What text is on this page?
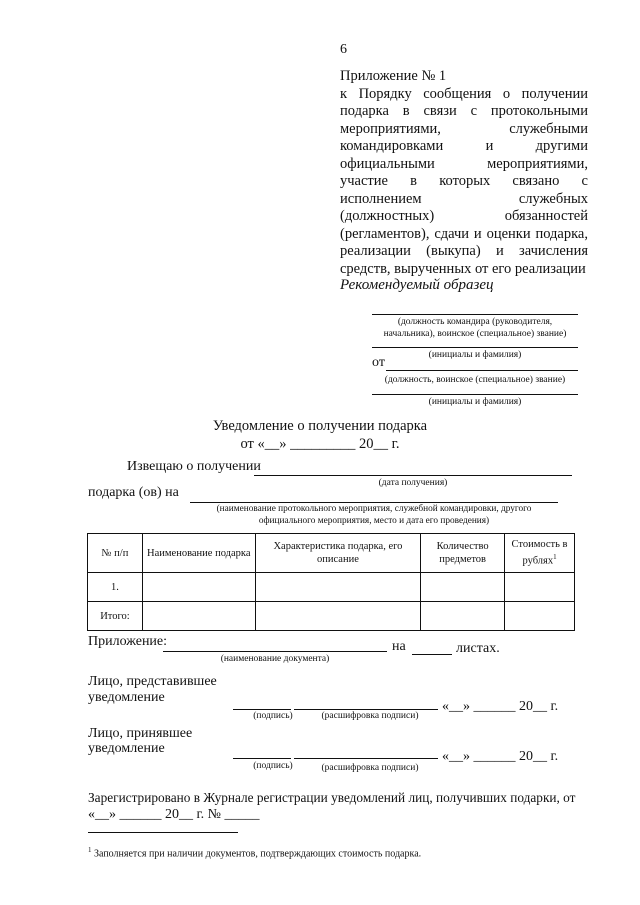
6
Приложение № 1
к Порядку сообщения о получении подарка в связи с протокольными мероприятиями, служебными командировками и другими официальными мероприятиями, участие в которых связано с исполнением служебных (должностных) обязанностей (регламентов), сдачи и оценки подарка, реализации (выкупа) и зачисления средств, вырученных от его реализации
Рекомендуемый образец
(должность командира (руководителя, начальника), воинское (специальное) звание)
(инициалы и фамилия)
от
(должность, воинское (специальное) звание)
(инициалы и фамилия)
Уведомление о получении подарка
от «__» _________ 20__ г.
Извещаю о получении
(дата получения)
подарка (ов) на
(наименование протокольного мероприятия, служебной командировки, другого официального мероприятия, место и дата его проведения)
№ п/п	Наименование подарка	Характеристика подарка, его описание	Количество предметов	Стоимость в рублях$^1$
1.				
Итого:				
Приложение:
(наименование документа)
на	листах.
Лицо, представившее
уведомление
(подпись)	(расшифровка подписи)
«__» ______ 20__ г.
Лицо, принявшее
уведомление
(подпись)	(расшифровка подписи)
«__» ______ 20__ г.
Зарегистрировано в Журнале регистрации уведомлений лиц, получивших подарки, от
«__» ______ 20__ г. № _____
$^1$ Заполняется при наличии документов, подтверждающих стоимость подарка.
